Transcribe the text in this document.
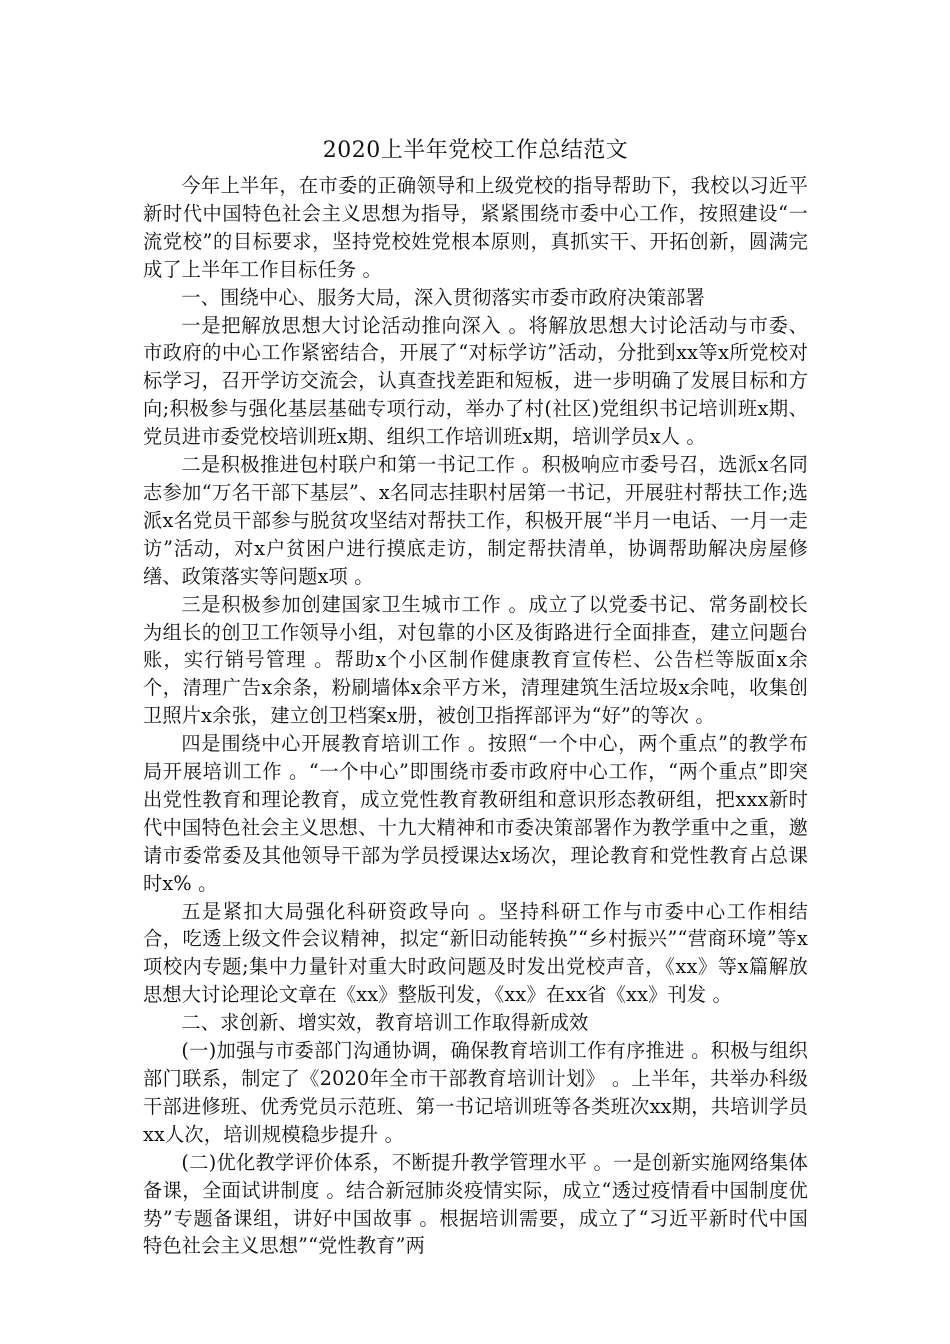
2020上半年党校工作总结范文

今年上半年，在市委的正确领导和上级党校的指导帮助下，我校以习近平新时代中国特色社会主义思想为指导，紧紧围绕市委中心工作，按照建设“一流党校”的目标要求，坚持党校姓党根本原则，真抓实干、开拓创新，圆满完成了上半年工作目标任务 。

一、围绕中心、服务大局，深入贯彻落实市委市政府决策部署

一是把解放思想大讨论活动推向深入 。将解放思想大讨论活动与市委、市政府的中心工作紧密结合，开展了“对标学访”活动，分批到xx等x所党校对标学习，召开学访交流会，认真查找差距和短板，进一步明确了发展目标和方向;积极参与强化基层基础专项行动，举办了村(社区)党组织书记培训班x期、党员进市委党校培训班x期、组织工作培训班x期，培训学员x人 。

二是积极推进包村联户和第一书记工作 。积极响应市委号召，选派x名同志参加“万名干部下基层”、x名同志挂职村居第一书记，开展驻村帮扶工作;选派x名党员干部参与脱贫攻坚结对帮扶工作，积极开展“半月一电话、一月一走访”活动，对x户贫困户进行摸底走访，制定帮扶清单，协调帮助解决房屋修缮、政策落实等问题x项 。

三是积极参加创建国家卫生城市工作 。成立了以党委书记、常务副校长为组长的创卫工作领导小组，对包靠的小区及街路进行全面排查，建立问题台账，实行销号管理 。帮助x个小区制作健康教育宣传栏、公告栏等版面x余个，清理广告x余条，粉刷墙体x余平方米，清理建筑生活垃圾x余吨，收集创卫照片x余张，建立创卫档案x册，被创卫指挥部评为“好”的等次 。

四是围绕中心开展教育培训工作 。按照“一个中心，两个重点”的教学布局开展培训工作 。“一个中心”即围绕市委市政府中心工作，“两个重点”即突出党性教育和理论教育，成立党性教育教研组和意识形态教研组，把xxx新时代中国特色社会主义思想、十九大精神和市委决策部署作为教学重中之重，邀请市委常委及其他领导干部为学员授课达x场次，理论教育和党性教育占总课时x% 。

五是紧扣大局强化科研资政导向 。坚持科研工作与市委中心工作相结合，吃透上级文件会议精神，拟定“新旧动能转换”“乡村振兴”“营商环境”等x项校内专题;集中力量针对重大时政问题及时发出党校声音，《xx》等x篇解放思想大讨论理论文章在《xx》整版刊发，《xx》在xx省《xx》刊发 。

二、求创新、增实效，教育培训工作取得新成效

(一)加强与市委部门沟通协调，确保教育培训工作有序推进 。积极与组织部门联系，制定了《2020年全市干部教育培训计划》 。上半年，共举办科级干部进修班、优秀党员示范班、第一书记培训班等各类班次xx期，共培训学员xx人次，培训规模稳步提升 。

(二)优化教学评价体系，不断提升教学管理水平 。一是创新实施网络集体备课，全面试讲制度 。结合新冠肺炎疫情实际，成立“透过疫情看中国制度优势”专题备课组，讲好中国故事 。根据培训需要，成立了“习近平新时代中国特色社会主义思想”“党性教育”两
